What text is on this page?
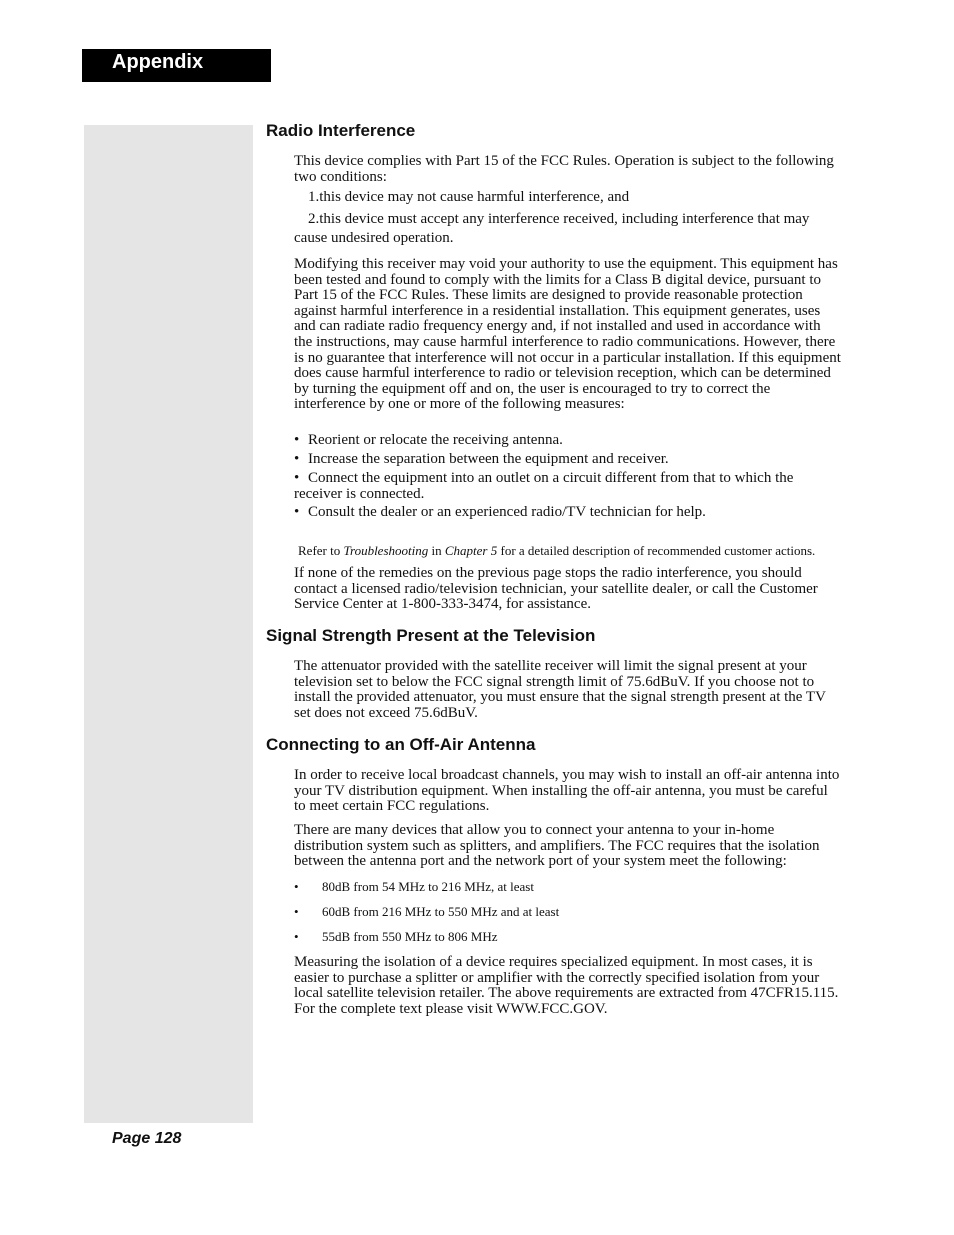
Appendix
Radio Interference

This device complies with Part 15 of the FCC Rules. Operation is subject to the following two conditions:

1.this device may not cause harmful interference, and

2.this device must accept any interference received, including interference that may

cause undesired operation.

Modifying this receiver may void your authority to use the equipment. This equipment has been tested and found to comply with the limits for a Class B digital device, pursuant to Part 15 of the FCC Rules. These limits are designed to provide reasonable protection against harmful interference in a residential installation. This equipment generates, uses and can radiate radio frequency energy and, if not installed and used in accordance with the instructions, may cause harmful interference to radio communications. However, there is no guarantee that interference will not occur in a particular installation. If this equipment does cause harmful interference to radio or television reception, which can be determined by turning the equipment off and on, the user is encouraged to try to correct the interference by one or more of the following measures:

• Reorient or relocate the receiving antenna.
• Increase the separation between the equipment and receiver.
• Connect the equipment into an outlet on a circuit different from that to which the receiver is connected.
• Consult the dealer or an experienced radio/TV technician for help.

Refer to Troubleshooting in Chapter 5 for a detailed description of recommended customer actions.

If none of the remedies on the previous page stops the radio interference, you should contact a licensed radio/television technician, your satellite dealer, or call the Customer Service Center at 1-800-333-3474, for assistance.

Signal Strength Present at the Television

The attenuator provided with the satellite receiver will limit the signal present at your television set to below the FCC signal strength limit of 75.6dBuV. If you choose not to install the provided attenuator, you must ensure that the signal strength present at the TV set does not exceed 75.6dBuV.

Connecting to an Off-Air Antenna

In order to receive local broadcast channels, you may wish to install an off-air antenna into your TV distribution equipment. When installing the off-air antenna, you must be careful to meet certain FCC regulations.

There are many devices that allow you to connect your antenna to your in-home distribution system such as splitters, and amplifiers. The FCC requires that the isolation between the antenna port and the network port of your system meet the following:

• 80dB from 54 MHz to 216 MHz, at least
• 60dB from 216 MHz to 550 MHz and at least
• 55dB from 550 MHz to 806 MHz

Measuring the isolation of a device requires specialized equipment. In most cases, it is easier to purchase a splitter or amplifier with the correctly specified isolation from your local satellite television retailer. The above requirements are extracted from 47CFR15.115. For the complete text please visit WWW.FCC.GOV.

Page 128
